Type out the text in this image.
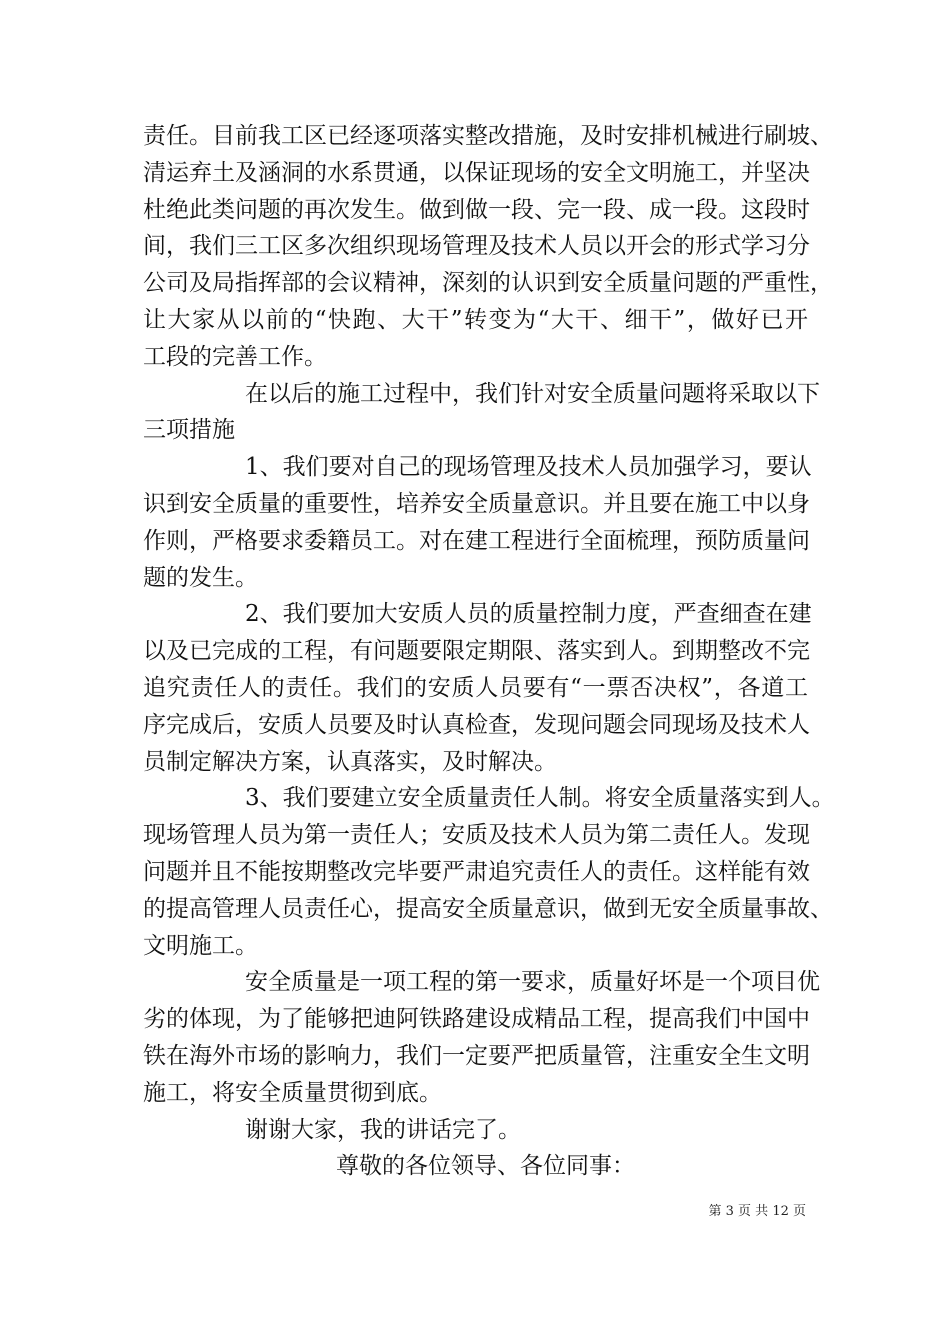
责任。目前我工区已经逐项落实整改措施，及时安排机械进行刷坡、
清运弃土及涵洞的水系贯通，以保证现场的安全文明施工，并坚决
杜绝此类问题的再次发生。做到做一段、完一段、成一段。这段时
间，我们三工区多次组织现场管理及技术人员以开会的形式学习分
公司及局指挥部的会议精神，深刻的认识到安全质量问题的严重性，
让大家从以前的“快跑、大干”转变为“大干、细干”，做好已开
工段的完善工作。
在以后的施工过程中，我们针对安全质量问题将采取以下
三项措施
1、我们要对自己的现场管理及技术人员加强学习，要认
识到安全质量的重要性，培养安全质量意识。并且要在施工中以身
作则，严格要求委籍员工。对在建工程进行全面梳理，预防质量问
题的发生。
2、我们要加大安质人员的质量控制力度，严查细查在建
以及已完成的工程，有问题要限定期限、落实到人。到期整改不完
追究责任人的责任。我们的安质人员要有“一票否决权”，各道工
序完成后，安质人员要及时认真检查，发现问题会同现场及技术人
员制定解决方案，认真落实，及时解决。
3、我们要建立安全质量责任人制。将安全质量落实到人。
现场管理人员为第一责任人；安质及技术人员为第二责任人。发现
问题并且不能按期整改完毕要严肃追究责任人的责任。这样能有效
的提高管理人员责任心，提高安全质量意识，做到无安全质量事故、
文明施工。
安全质量是一项工程的第一要求，质量好坏是一个项目优
劣的体现，为了能够把迪阿铁路建设成精品工程，提高我们中国中
铁在海外市场的影响力，我们一定要严把质量管，注重安全生文明
施工，将安全质量贯彻到底。
谢谢大家，我的讲话完了。
尊敬的各位领导、各位同事：
第 3 页 共 12 页
